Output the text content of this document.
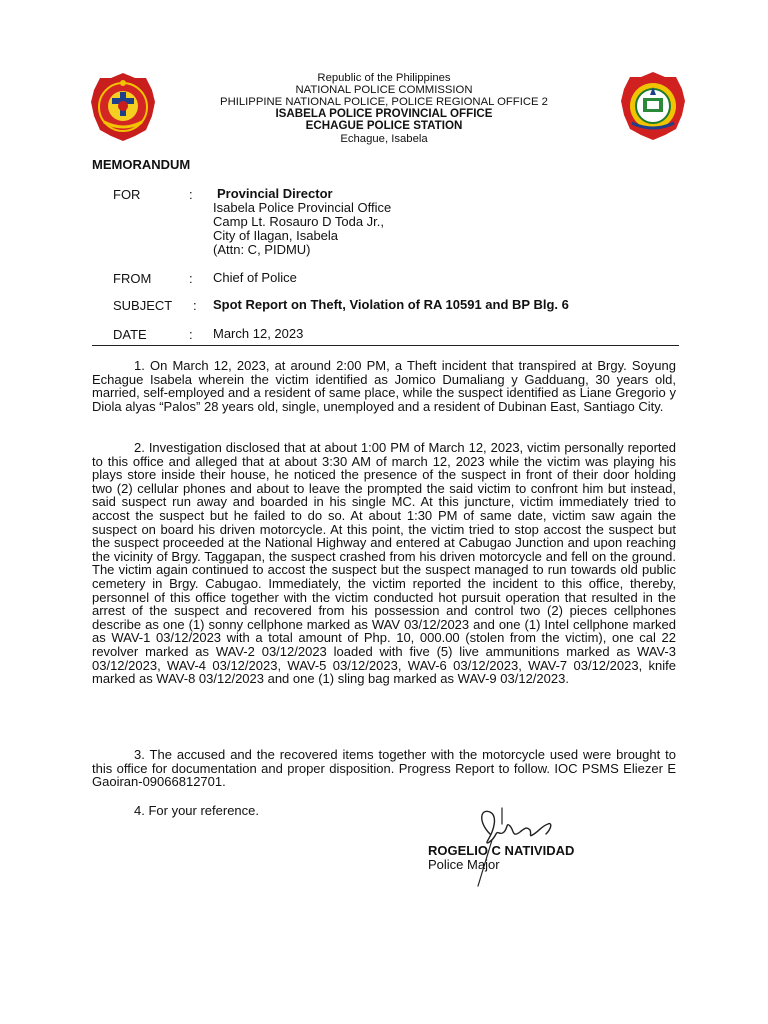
Republic of the Philippines
NATIONAL POLICE COMMISSION
PHILIPPINE NATIONAL POLICE, POLICE REGIONAL OFFICE 2
ISABELA POLICE PROVINCIAL OFFICE
ECHAGUE POLICE STATION
Echague, Isabela
MEMORANDUM
FOR	: Provincial Director
Isabela Police Provincial Office
Camp Lt. Rosauro D Toda Jr.,
City of Ilagan, Isabela
(Attn: C, PIDMU)
FROM	: Chief of Police
SUBJECT : Spot Report on Theft, Violation of RA 10591 and BP Blg. 6
DATE	: March 12, 2023

1. On March 12, 2023, at around 2:00 PM, a Theft incident that transpired at Brgy. Soyung Echague Isabela wherein the victim identified as Jomico Dumaliang y Gadduang, 30 years old, married, self-employed and a resident of same place, while the suspect identified as Liane Gregorio y Diola alyas “Palos” 28 years old, single, unemployed and a resident of Dubinan East, Santiago City.

2. Investigation disclosed that at about 1:00 PM of March 12, 2023, victim personally reported to this office and alleged that at about 3:30 AM of march 12, 2023 while the victim was playing his plays store inside their house, he noticed the presence of the suspect in front of their door holding two (2) cellular phones and about to leave the prompted the said victim to confront him but instead, said suspect run away and boarded in his single MC. At this juncture, victim immediately tried to accost the suspect but he failed to do so. At about 1:30 PM of same date, victim saw again the suspect on board his driven motorcycle. At this point, the victim tried to stop accost the suspect but the suspect proceeded at the National Highway and entered at Cabugao Junction and upon reaching the vicinity of Brgy. Taggapan, the suspect crashed from his driven motorcycle and fell on the ground. The victim again continued to accost the suspect but the suspect managed to run towards old public cemetery in Brgy. Cabugao. Immediately, the victim reported the incident to this office, thereby, personnel of this office together with the victim conducted hot pursuit operation that resulted in the arrest of the suspect and recovered from his possession and control two (2) pieces cellphones describe as one (1) sonny cellphone marked as WAV 03/12/2023 and one (1) Intel cellphone marked as WAV-1 03/12/2023 with a total amount of Php. 10, 000.00 (stolen from the victim), one cal 22 revolver marked as WAV-2 03/12/2023 loaded with five (5) live ammunitions marked as WAV-3 03/12/2023, WAV-4 03/12/2023, WAV-5 03/12/2023, WAV-6 03/12/2023, WAV-7 03/12/2023, knife marked as WAV-8 03/12/2023 and one (1) sling bag marked as WAV-9 03/12/2023.

3. The accused and the recovered items together with the motorcycle used were brought to this office for documentation and proper disposition. Progress Report to follow. IOC PSMS Eliezer E Gaoiran-09066812701.

4. For your reference.

ROGELIO C NATIVIDAD
Police Major
